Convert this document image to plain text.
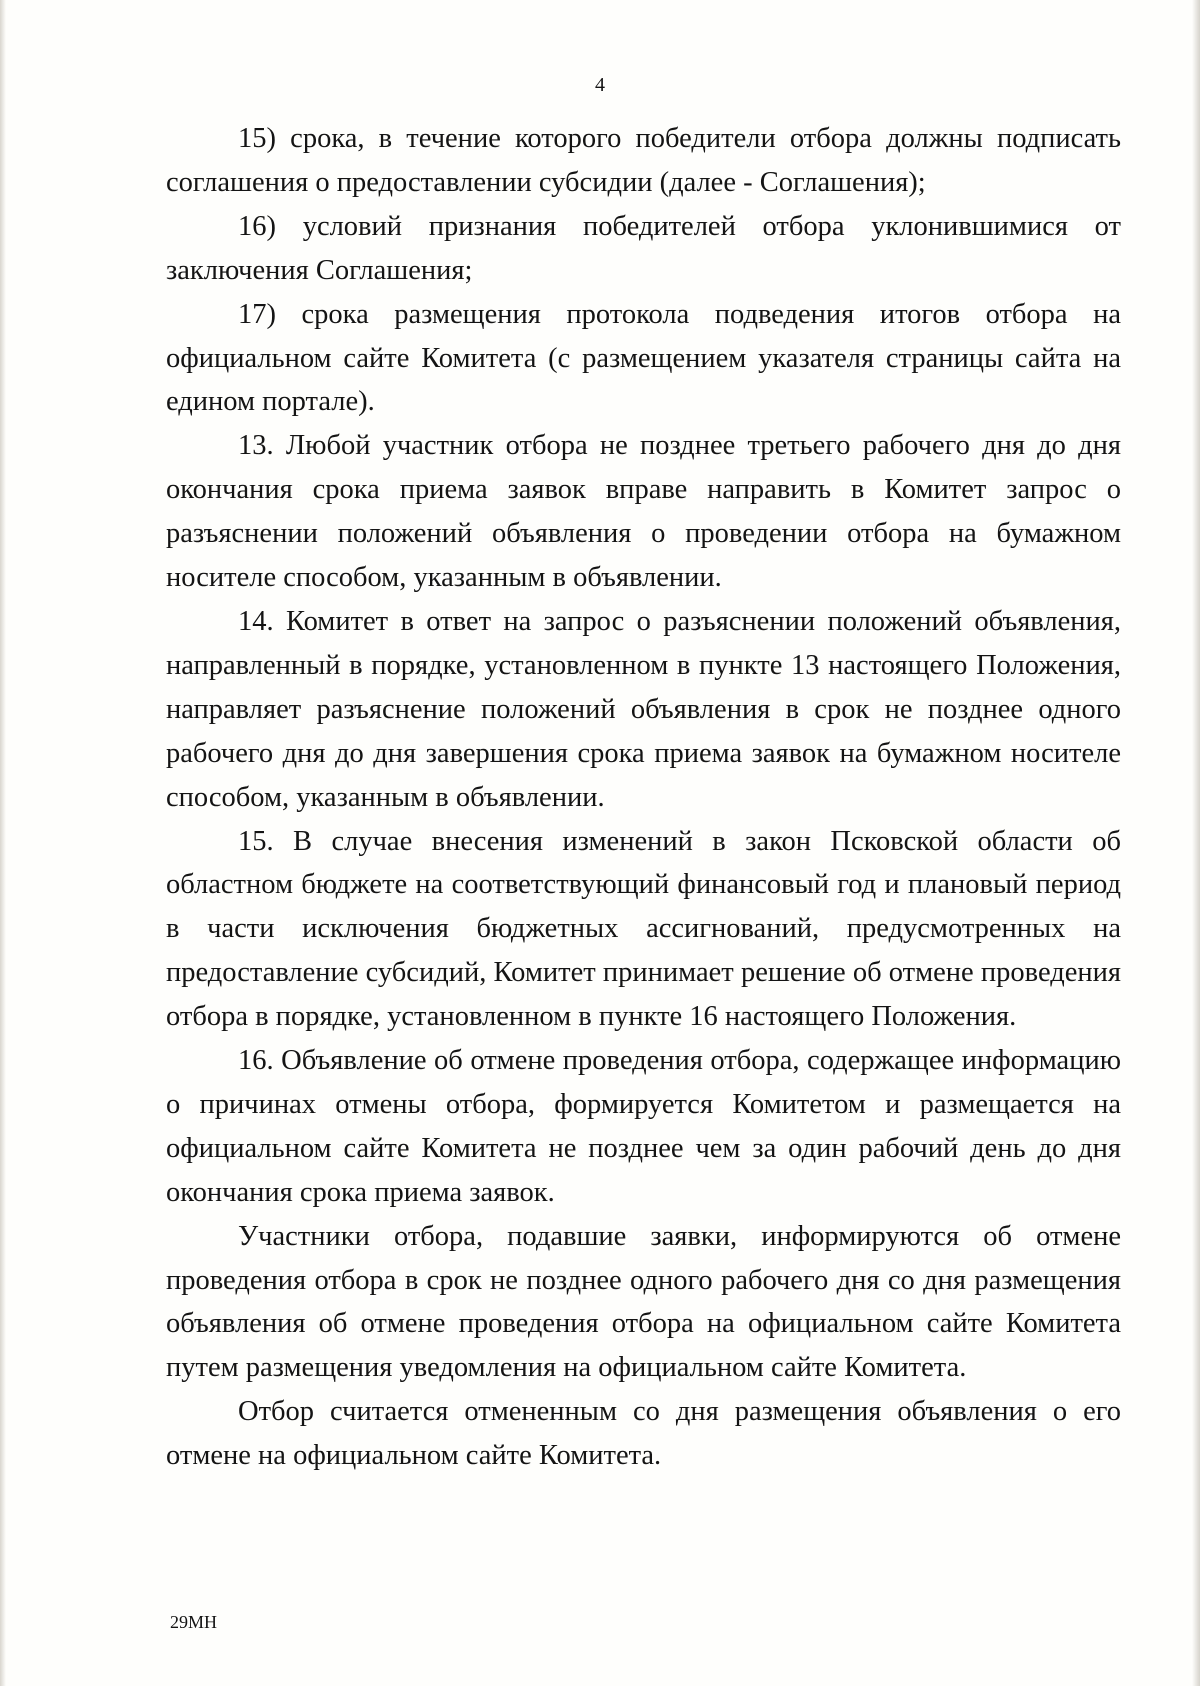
4

15) срока, в течение которого победители отбора должны подписать соглашения о предоставлении субсидии (далее - Соглашения);

16) условий признания победителей отбора уклонившимися от заключения Соглашения;

17) срока размещения протокола подведения итогов отбора на официальном сайте Комитета (с размещением указателя страницы сайта на едином портале).

13. Любой участник отбора не позднее третьего рабочего дня до дня окончания срока приема заявок вправе направить в Комитет запрос о разъяснении положений объявления о проведении отбора на бумажном носителе способом, указанным в объявлении.

14. Комитет в ответ на запрос о разъяснении положений объявления, направленный в порядке, установленном в пункте 13 настоящего Положения, направляет разъяснение положений объявления в срок не позднее одного рабочего дня до дня завершения срока приема заявок на бумажном носителе способом, указанным в объявлении.

15. В случае внесения изменений в закон Псковской области об областном бюджете на соответствующий финансовый год и плановый период в части исключения бюджетных ассигнований, предусмотренных на предоставление субсидий, Комитет принимает решение об отмене проведения отбора в порядке, установленном в пункте 16 настоящего Положения.

16. Объявление об отмене проведения отбора, содержащее информацию о причинах отмены отбора, формируется Комитетом и размещается на официальном сайте Комитета не позднее чем за один рабочий день до дня окончания срока приема заявок.

Участники отбора, подавшие заявки, информируются об отмене проведения отбора в срок не позднее одного рабочего дня со дня размещения объявления об отмене проведения отбора на официальном сайте Комитета путем размещения уведомления на официальном сайте Комитета.

Отбор считается отмененным со дня размещения объявления о его отмене на официальном сайте Комитета.

29МН
